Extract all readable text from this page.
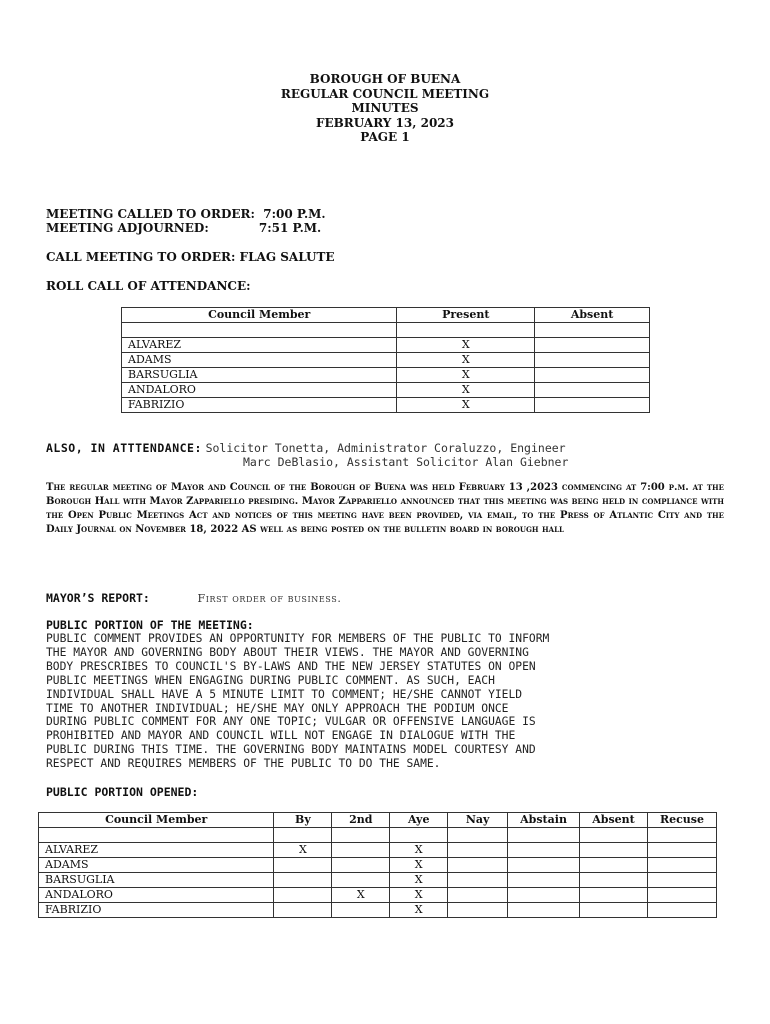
BOROUGH OF BUENA
REGULAR COUNCIL MEETING
MINUTES
FEBRUARY 13, 2023
PAGE 1
MEETING CALLED TO ORDER:  7:00 P.M.
MEETING ADJOURNED:            7:51 P.M.
CALL MEETING TO ORDER: FLAG SALUTE
ROLL CALL OF ATTENDANCE:
Council Member	Present	Absent

ALVAREZ	X	
ADAMS	X	
BARSUGLIA	X	
ANDALORO	X	
FABRIZIO	X	
ALSO, IN ATTTENDANCE: Solicitor Tonetta, Administrator Coraluzzo, Engineer
Marc DeBlasio, Assistant Solicitor Alan Giebner
The regular meeting of Mayor and Council of the Borough of Buena was held February 13 ,2023 commencing at 7:00 p.m. at the Borough Hall with Mayor Zappariello presiding. Mayor Zappariello announced that this meeting was being held in compliance with the Open Public Meetings Act and notices of this meeting have been provided, via email, to the Press of Atlantic City and the Daily Journal on November 18, 2022 AS well as being posted on the bulletin board in borough hall
MAYOR’S REPORT:	First order of business.
PUBLIC PORTION OF THE MEETING:
PUBLIC COMMENT PROVIDES AN OPPORTUNITY FOR MEMBERS OF THE PUBLIC TO INFORM
THE MAYOR AND GOVERNING BODY ABOUT THEIR VIEWS. THE MAYOR AND GOVERNING
BODY PRESCRIBES TO COUNCIL'S BY-LAWS AND THE NEW JERSEY STATUTES ON OPEN
PUBLIC MEETINGS WHEN ENGAGING DURING PUBLIC COMMENT. AS SUCH, EACH
INDIVIDUAL SHALL HAVE A 5 MINUTE LIMIT TO COMMENT; HE/SHE CANNOT YIELD
TIME TO ANOTHER INDIVIDUAL; HE/SHE MAY ONLY APPROACH THE PODIUM ONCE
DURING PUBLIC COMMENT FOR ANY ONE TOPIC; VULGAR OR OFFENSIVE LANGUAGE IS
PROHIBITED AND MAYOR AND COUNCIL WILL NOT ENGAGE IN DIALOGUE WITH THE
PUBLIC DURING THIS TIME. THE GOVERNING BODY MAINTAINS MODEL COURTESY AND
RESPECT AND REQUIRES MEMBERS OF THE PUBLIC TO DO THE SAME.
PUBLIC PORTION OPENED:
Council Member	By	2nd	Aye	Nay	Abstain	Absent	Recuse

ALVAREZ	X		X				
ADAMS			X				
BARSUGLIA			X				
ANDALORO		X	X				
FABRIZIO			X				
